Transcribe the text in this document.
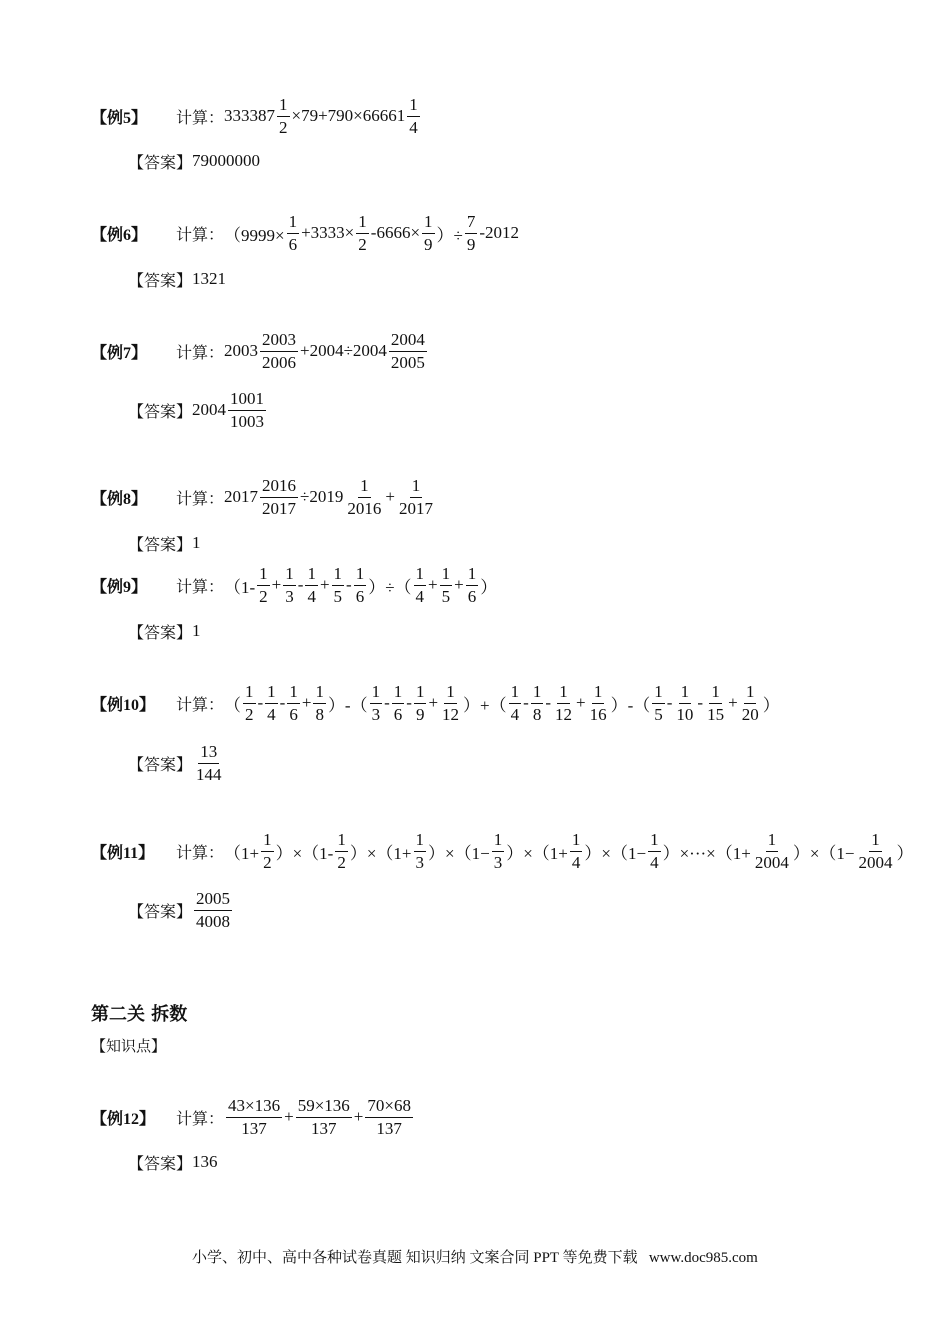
【例5】 计算： $333387 \frac{1}{2} \times 79+790\times 66661 \frac{1}{4}$
【答案】 79000000
【例6】 计算： （$9999\times \frac{1}{6} +3333\times \frac{1}{2} -6666\times \frac{1}{9}$ ）÷ $\frac{7}{9} -2012$
【答案】 1321
【例7】 计算： $2003 \frac{2003}{2006} +2004\div 2004 \frac{2004}{2005}$
【答案】 $2004 \frac{1001}{1003}$
【例8】 计算： $2017 \frac{2016}{2017} \div 2019 \frac{1}{2016} + \frac{1}{2017}$
【答案】 1
【例9】 计算： （$1- \frac{1}{2} + \frac{1}{3} - \frac{1}{4} + \frac{1}{5} - \frac{1}{6}$ ）÷（ $\frac{1}{4} + \frac{1}{5} + \frac{1}{6}$ ）
【答案】 1
【例10】 计算： （ $\frac{1}{2} - \frac{1}{4} - \frac{1}{6} + \frac{1}{8}$ ）-（ $\frac{1}{3} - \frac{1}{6} - \frac{1}{9} + \frac{1}{12}$ ）+（ $\frac{1}{4} - \frac{1}{8} - \frac{1}{12} + \frac{1}{16}$ ）-（ $\frac{1}{5} - \frac{1}{10} - \frac{1}{15} + \frac{1}{20}$ ）
【答案】 $\frac{13}{144}$
【例11】 计算： $(1+ \frac{1}{2} )\times(1- \frac{1}{2} )\times(1+ \frac{1}{3} )\times(1- \frac{1}{3} )\times(1+ \frac{1}{4} )\times(1- \frac{1}{4} )\times\cdot\cdot\cdot\times(1+ \frac{1}{2004} )\times(1- \frac{1}{2004}$ ）
【答案】 $\frac{2005}{4008}$
【例12】 计算： $\frac{43\times 136}{137} + \frac{59\times 136}{137} + \frac{70\times 68}{137}$
【答案】 136
第二关 拆数
【知识点】
小学、初中、高中各种试卷真题 知识归纳 文案合同 PPT 等免费下载   www.doc985.com
